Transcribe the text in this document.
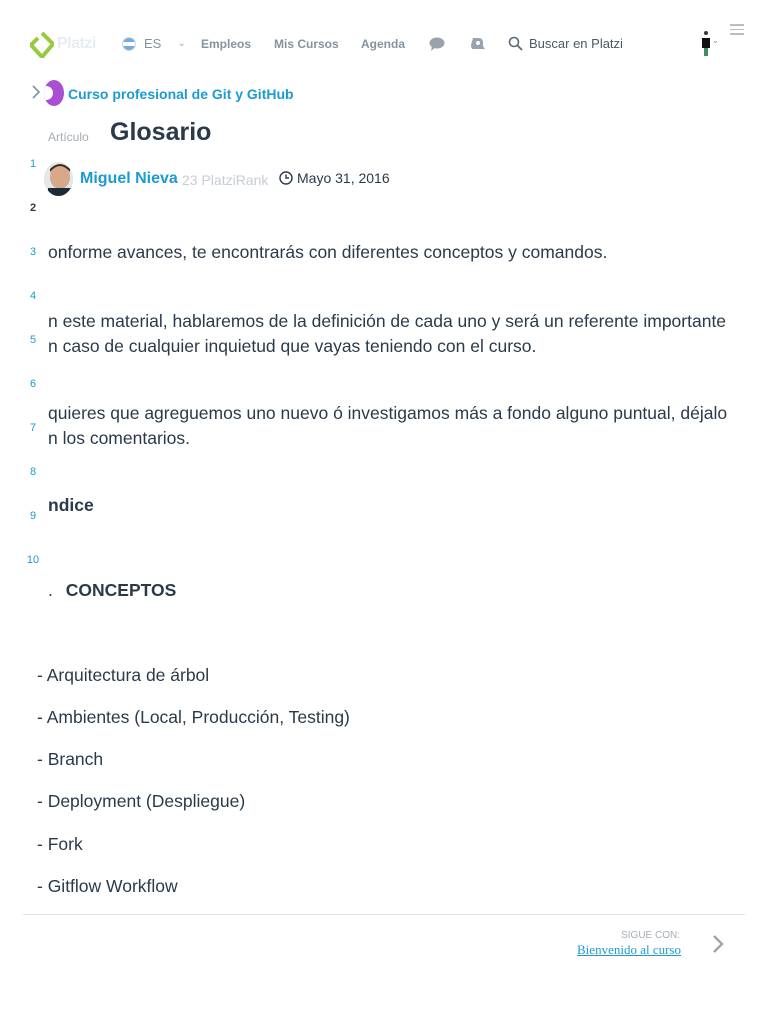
Platzi	ES ⌄ Empleos Mis Cursos Agenda	Buscar en Platzi	⌄
Curso profesional de Git y GitHub
Artículo Glosario
Miguel Nieva 23 PlatziRank Mayo 31, 2016
1
2
3
4
5
6
7
8
9
10

onforme avances, te encontrarás con diferentes conceptos y comandos.

n este material, hablaremos de la definición de cada uno y será un referente importante
n caso de cualquier inquietud que vayas teniendo con el curso.

quieres que agreguemos uno nuevo ó investigamos más a fondo alguno puntual, déjalo
n los comentarios.

ndice
. CONCEPTOS

- Arquitectura de árbol

- Ambientes (Local, Producción, Testing)

- Branch

- Deployment (Despliegue)

- Fork

- Gitflow Workflow

SIGUE CON:
Bienvenido al curso
